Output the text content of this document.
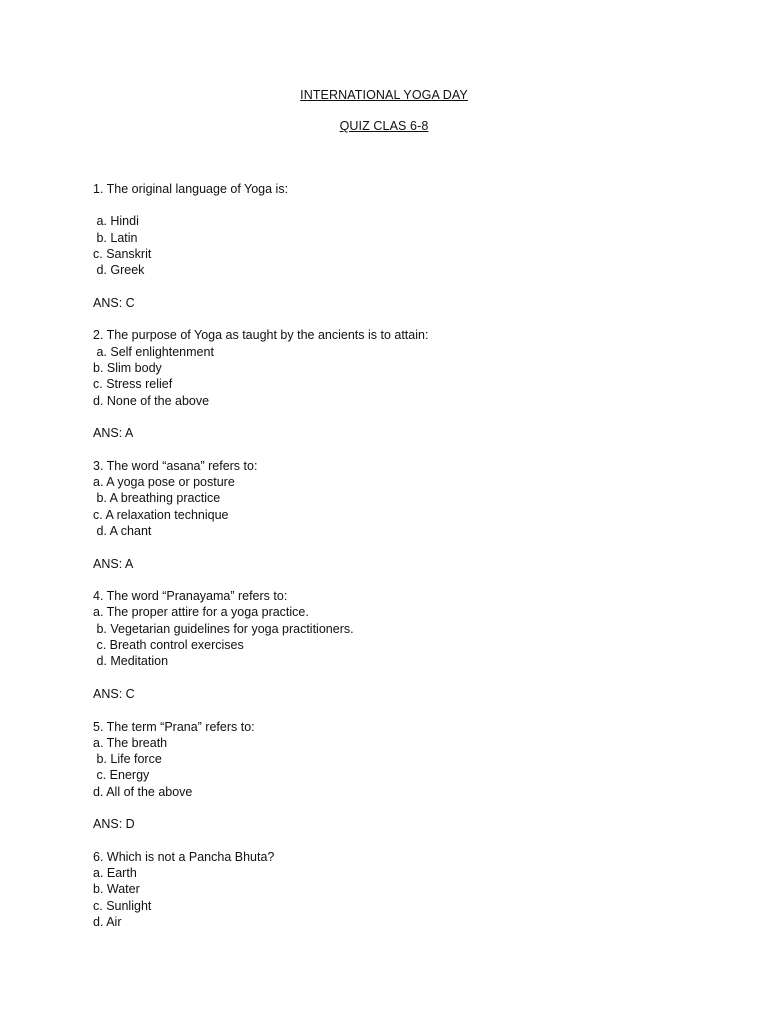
INTERNATIONAL YOGA DAY
QUIZ CLAS 6-8

1. The original language of Yoga is:

a. Hindi

b. Latin

c. Sanskrit

d. Greek

ANS: C

2. The purpose of Yoga as taught by the ancients is to attain:

a. Self enlightenment

b. Slim body

c. Stress relief

d. None of the above

ANS: A

3. The word “asana” refers to:

a. A yoga pose or posture

b. A breathing practice

c. A relaxation technique

d. A chant

ANS: A

4. The word “Pranayama” refers to:

a. The proper attire for a yoga practice.

b. Vegetarian guidelines for yoga practitioners.

c. Breath control exercises

d. Meditation

ANS: C

5. The term “Prana” refers to:

a. The breath

b. Life force

c. Energy

d. All of the above

ANS: D

6. Which is not a Pancha Bhuta?

a. Earth

b. Water

c. Sunlight

d. Air
